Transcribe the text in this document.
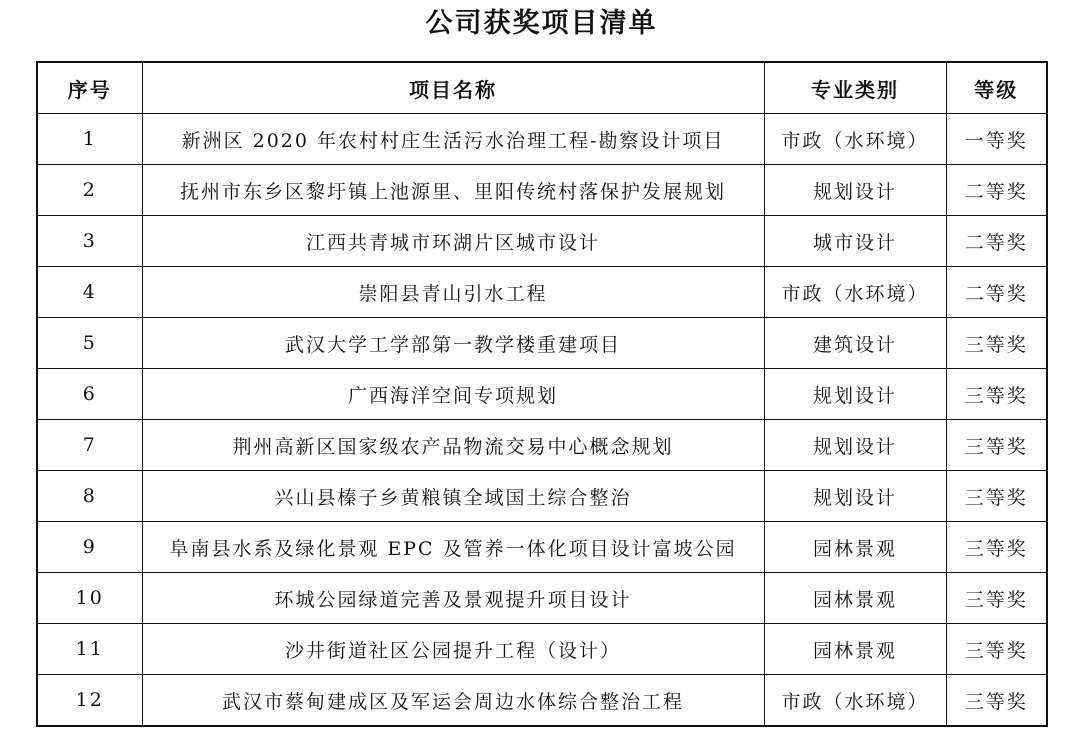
公司获奖项目清单
序号	项目名称	专业类别	等级
1	新洲区 2020 年农村村庄生活污水治理工程-勘察设计项目	市政（水环境）	一等奖
2	抚州市东乡区黎圩镇上池源里、里阳传统村落保护发展规划	规划设计	二等奖
3	江西共青城市环湖片区城市设计	城市设计	二等奖
4	崇阳县青山引水工程	市政（水环境）	二等奖
5	武汉大学工学部第一教学楼重建项目	建筑设计	三等奖
6	广西海洋空间专项规划	规划设计	三等奖
7	荆州高新区国家级农产品物流交易中心概念规划	规划设计	三等奖
8	兴山县榛子乡黄粮镇全域国土综合整治	规划设计	三等奖
9	阜南县水系及绿化景观 EPC 及管养一体化项目设计富坡公园	园林景观	三等奖
10	环城公园绿道完善及景观提升项目设计	园林景观	三等奖
11	沙井街道社区公园提升工程（设计）	园林景观	三等奖
12	武汉市蔡甸建成区及军运会周边水体综合整治工程	市政（水环境）	三等奖
